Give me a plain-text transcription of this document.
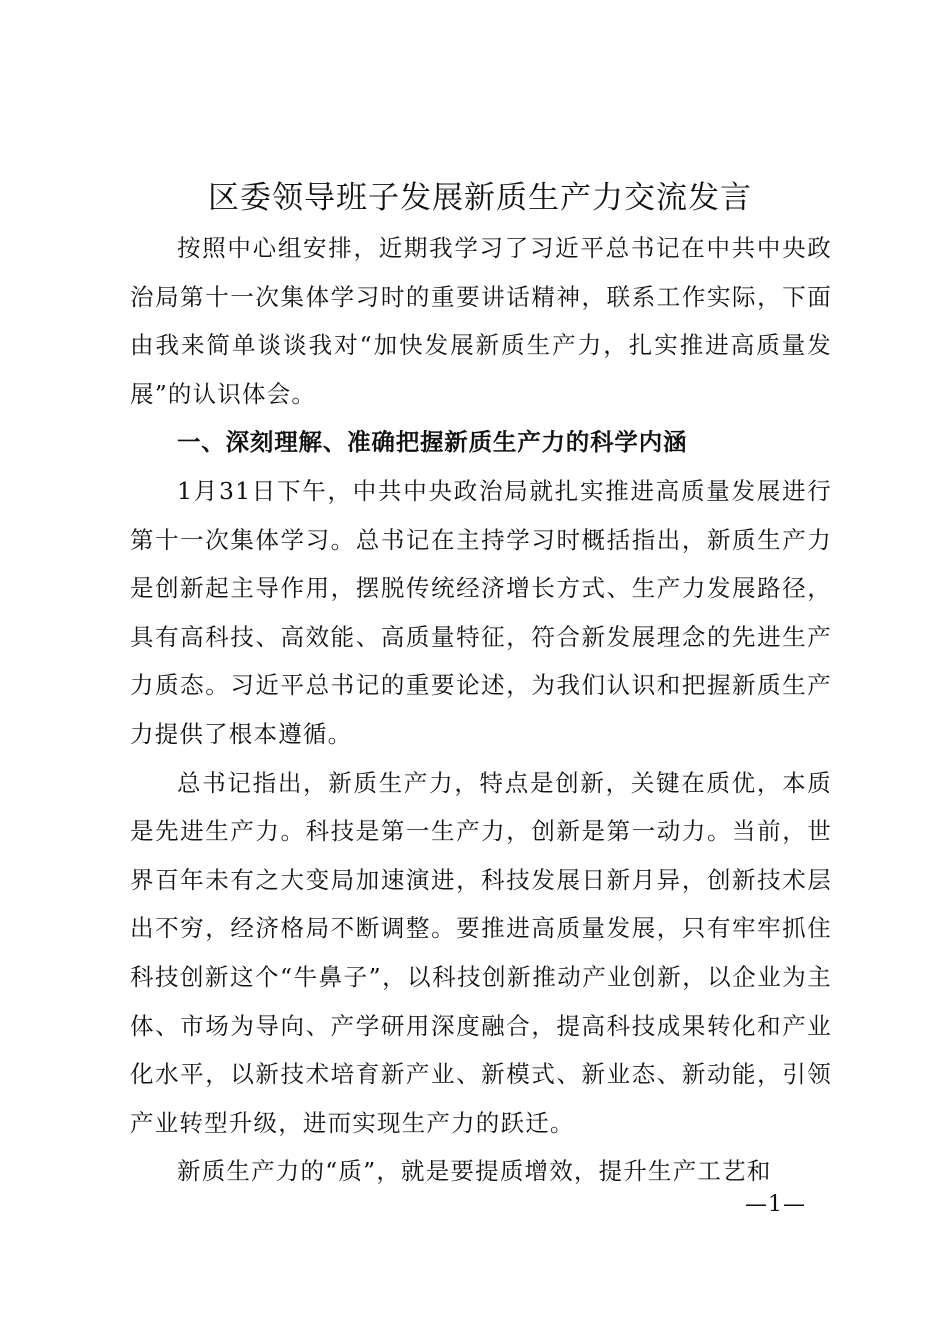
区委领导班子发展新质生产力交流发言

按照中心组安排，近期我学习了习近平总书记在中共中央政治局第十一次集体学习时的重要讲话精神，联系工作实际，下面由我来简单谈谈我对“加快发展新质生产力，扎实推进高质量发展”的认识体会。

一、深刻理解、准确把握新质生产力的科学内涵

1月31日下午，中共中央政治局就扎实推进高质量发展进行第十一次集体学习。总书记在主持学习时概括指出，新质生产力是创新起主导作用，摆脱传统经济增长方式、生产力发展路径，具有高科技、高效能、高质量特征，符合新发展理念的先进生产力质态。习近平总书记的重要论述，为我们认识和把握新质生产力提供了根本遵循。

总书记指出，新质生产力，特点是创新，关键在质优，本质是先进生产力。科技是第一生产力，创新是第一动力。当前，世界百年未有之大变局加速演进，科技发展日新月异，创新技术层出不穷，经济格局不断调整。要推进高质量发展，只有牢牢抓住科技创新这个“牛鼻子”，以科技创新推动产业创新，以企业为主体、市场为导向、产学研用深度融合，提高科技成果转化和产业化水平，以新技术培育新产业、新模式、新业态、新动能，引领产业转型升级，进而实现生产力的跃迁。

新质生产力的“质”，就是要提质增效，提升生产工艺和

—1—
